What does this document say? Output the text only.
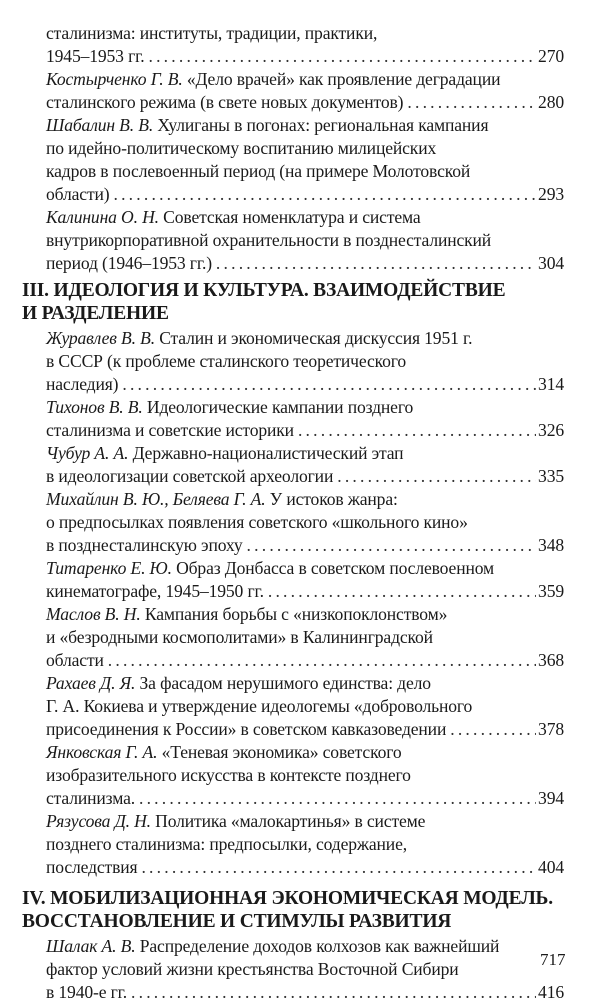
сталинизма: институты, традиции, практики,
1945–1953 гг. . . .	270
Костырченко Г. В. «Дело врачей» как проявление деградации
сталинского режима (в свете новых документов) . . .	280
Шабалин В. В. Хулиганы в погонах: региональная кампания
по идейно-политическому воспитанию милицейских
кадров в послевоенный период (на примере Молотовской
области) . . .	293
Калинина О. Н. Советская номенклатура и система
внутрикорпоративной охранительности в позднесталинский
период (1946–1953 гг.) . . .	304
III. ИДЕОЛОГИЯ И КУЛЬТУРА. ВЗАИМОДЕЙСТВИЕ
И РАЗДЕЛЕНИЕ
Журавлев В. В. Сталин и экономическая дискуссия 1951 г.
в СССР (к проблеме сталинского теоретического
наследия) . . .	314
Тихонов В. В. Идеологические кампании позднего
сталинизма и советские историки . . .	326
Чубур А. А. Державно-националистический этап
в идеологизации советской археологии . . .	335
Михайлин В. Ю., Беляева Г. А. У истоков жанра:
о предпосылках появления советского «школьного кино»
в позднесталинскую эпоху . . .	348
Титаренко Е. Ю. Образ Донбасса в советском послевоенном
кинематографе, 1945–1950 гг. . . .	359
Маслов В. Н. Кампания борьбы с «низкопоклонством»
и «безродными космополитами» в Калининградской
области . . .	368
Рахаев Д. Я. За фасадом нерушимого единства: дело
Г. А. Кокиева и утверждение идеологемы «добровольного
присоединения к России» в советском кавказоведении . . .	378
Янковская Г. А. «Теневая экономика» советского
изобразительного искусства в контексте позднего
сталинизма. . . .	394
Рязусова Д. Н. Политика «малокартинья» в системе
позднего сталинизма: предпосылки, содержание,
последствия . . .	404
IV. МОБИЛИЗАЦИОННАЯ ЭКОНОМИЧЕСКАЯ МОДЕЛЬ.
ВОССТАНОВЛЕНИЕ И СТИМУЛЫ РАЗВИТИЯ
Шалак А. В. Распределение доходов колхозов как важнейший
фактор условий жизни крестьянства Восточной Сибири
в 1940-е гг. . . .	416
717
